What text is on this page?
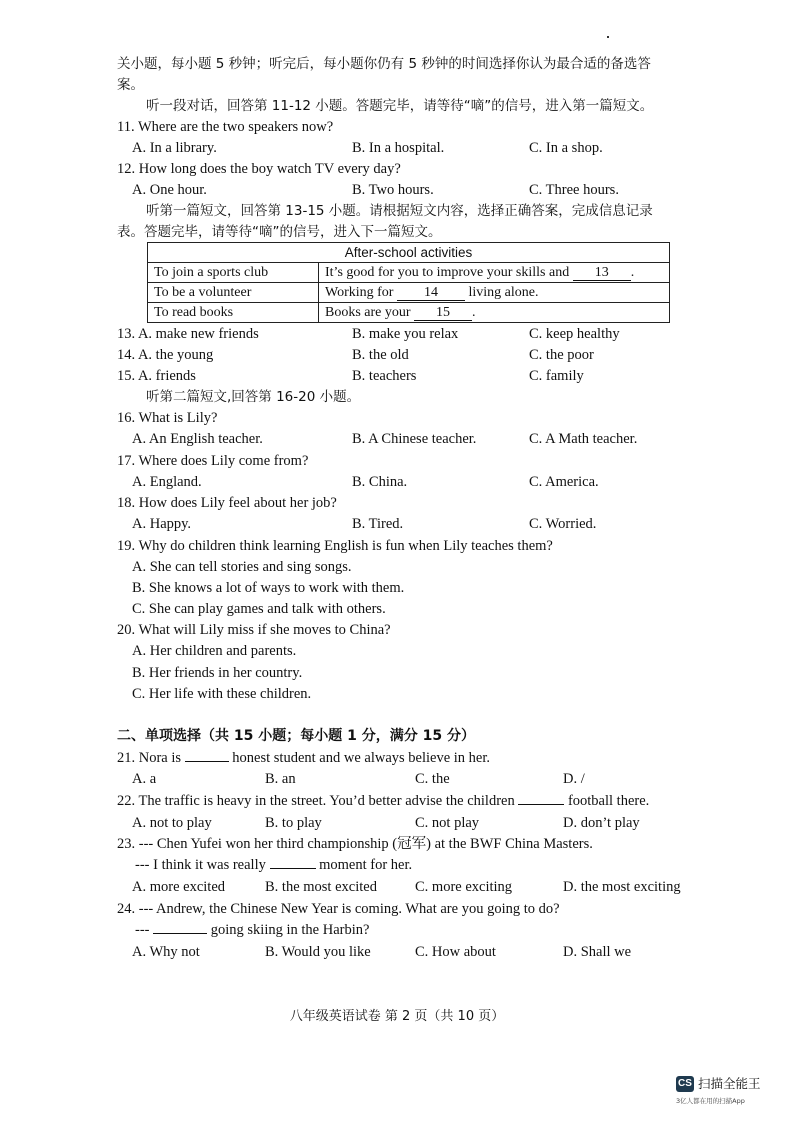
关小题，每小题 5 秒钟；听完后，每小题你仍有 5 秒钟的时间选择你认为最合适的备选答
案。
听一段对话，回答第 11-12 小题。答题完毕，请等待“嘀”的信号，进入第一篇短文。
11. Where are the two speakers now?
A. In a library.	B. In a hospital.	C. In a shop.
12. How long does the boy watch TV every day?
A. One hour.	B. Two hours.	C. Three hours.
听第一篇短文，回答第 13-15 小题。请根据短文内容，选择正确答案，完成信息记录
表。答题完毕，请等待“嘀”的信号，进入下一篇短文。
After-school activities	
To join a sports club	It’s good for you to improve your skills and 13 .
To be a volunteer	Working for 14 living alone.
To read books	Books are your 15 .
13. A. make new friends	B. make you relax	C. keep healthy
14. A. the young	B. the old	C. the poor
15. A. friends	B. teachers	C. family
听第二篇短文,回答第 16-20 小题。
16. What is Lily?
A. An English teacher.	B. A Chinese teacher.	C. A Math teacher.
17. Where does Lily come from?
A. England.	B. China.	C. America.
18. How does Lily feel about her job?
A. Happy.	B. Tired.	C. Worried.
19. Why do children think learning English is fun when Lily teaches them?
A. She can tell stories and sing songs.
B. She knows a lot of ways to work with them.
C. She can play games and talk with others.
20. What will Lily miss if she moves to China?
A. Her children and parents.
B. Her friends in her country.
C. Her life with these children.
二、单项选择（共 15 小题；每小题 1 分，满分 15 分）
21. Nora is	honest student and we always believe in her.
A. a	B. an	C. the	D. /
22. The traffic is heavy in the street. You’d better advise the children	football there.
A. not to play	B. to play	C. not play	D. don’t play
23. --- Chen Yufei won her third championship (冠军) at the BWF China Masters.
--- I think it was really	moment for her.
A. more excited	B. the most excited	C. more exciting	D. the most exciting
24. --- Andrew, the Chinese New Year is coming. What are you going to do?
---	going skiing in the Harbin?
A. Why not	B. Would you like	C. How about	D. Shall we
八年级英语试卷 第 2 页（共 10 页）
CS 扫描全能王
3亿人都在用的扫描App
